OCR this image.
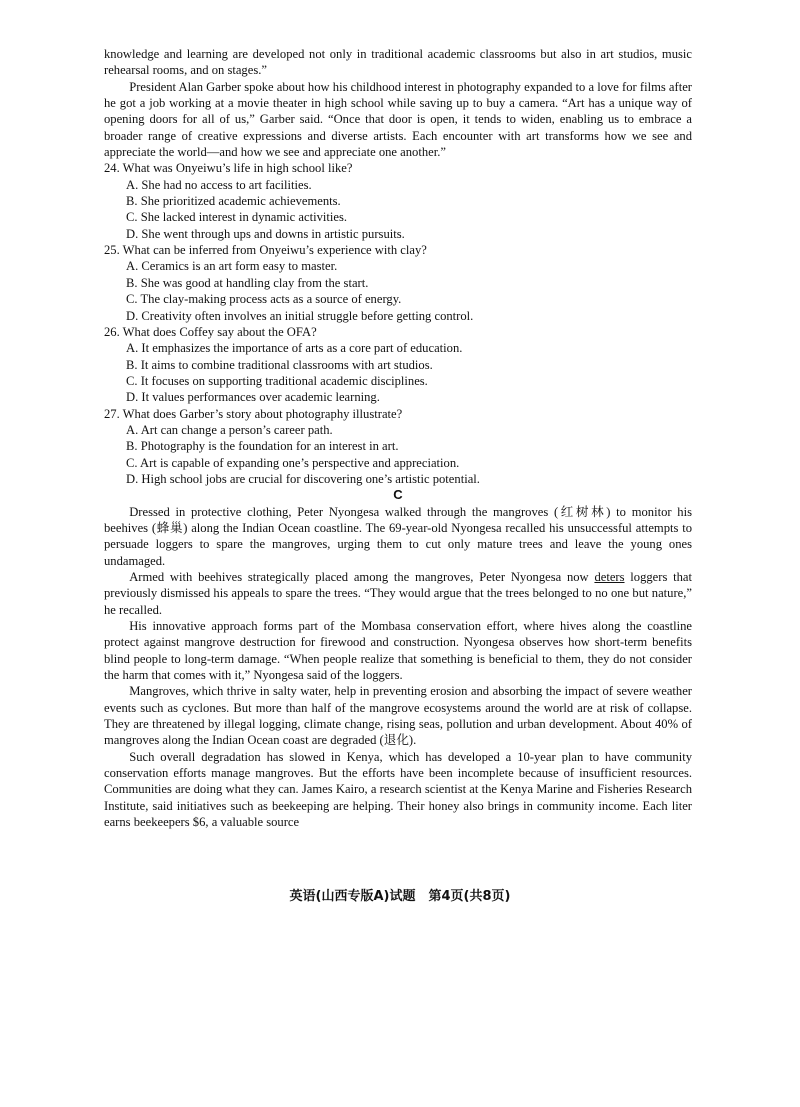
knowledge and learning are developed not only in traditional academic classrooms but also in art studios, music rehearsal rooms, and on stages.”

President Alan Garber spoke about how his childhood interest in photography expanded to a love for films after he got a job working at a movie theater in high school while saving up to buy a camera. “Art has a unique way of opening doors for all of us,” Garber said. “Once that door is open, it tends to widen, enabling us to embrace a broader range of creative expressions and diverse artists. Each encounter with art transforms how we see and appreciate the world—and how we see and appreciate one another.”

24. What was Onyeiwu’s life in high school like?

A. She had no access to art facilities.

B. She prioritized academic achievements.

C. She lacked interest in dynamic activities.

D. She went through ups and downs in artistic pursuits.

25. What can be inferred from Onyeiwu’s experience with clay?

A. Ceramics is an art form easy to master.

B. She was good at handling clay from the start.

C. The clay-making process acts as a source of energy.

D. Creativity often involves an initial struggle before getting control.

26. What does Coffey say about the OFA?

A. It emphasizes the importance of arts as a core part of education.

B. It aims to combine traditional classrooms with art studios.

C. It focuses on supporting traditional academic disciplines.

D. It values performances over academic learning.

27. What does Garber’s story about photography illustrate?

A. Art can change a person’s career path.

B. Photography is the foundation for an interest in art.

C. Art is capable of expanding one’s perspective and appreciation.

D. High school jobs are crucial for discovering one’s artistic potential.

C

Dressed in protective clothing, Peter Nyongesa walked through the mangroves (红树林) to monitor his beehives (蜂巢) along the Indian Ocean coastline. The 69-year-old Nyongesa recalled his unsuccessful attempts to persuade loggers to spare the mangroves, urging them to cut only mature trees and leave the young ones undamaged.

Armed with beehives strategically placed among the mangroves, Peter Nyongesa now deters loggers that previously dismissed his appeals to spare the trees. “They would argue that the trees belonged to no one but nature,” he recalled.

His innovative approach forms part of the Mombasa conservation effort, where hives along the coastline protect against mangrove destruction for firewood and construction. Nyongesa observes how short-term benefits blind people to long-term damage. “When people realize that something is beneficial to them, they do not consider the harm that comes with it,” Nyongesa said of the loggers.

Mangroves, which thrive in salty water, help in preventing erosion and absorbing the impact of severe weather events such as cyclones. But more than half of the mangrove ecosystems around the world are at risk of collapse. They are threatened by illegal logging, climate change, rising seas, pollution and urban development. About 40% of mangroves along the Indian Ocean coast are degraded (退化).

Such overall degradation has slowed in Kenya, which has developed a 10-year plan to have community conservation efforts manage mangroves. But the efforts have been incomplete because of insufficient resources. Communities are doing what they can. James Kairo, a research scientist at the Kenya Marine and Fisheries Research Institute, said initiatives such as beekeeping are helping. Their honey also brings in community income. Each liter earns beekeepers $6, a valuable source

英语(山西专版A)试题　第4页(共8页)
